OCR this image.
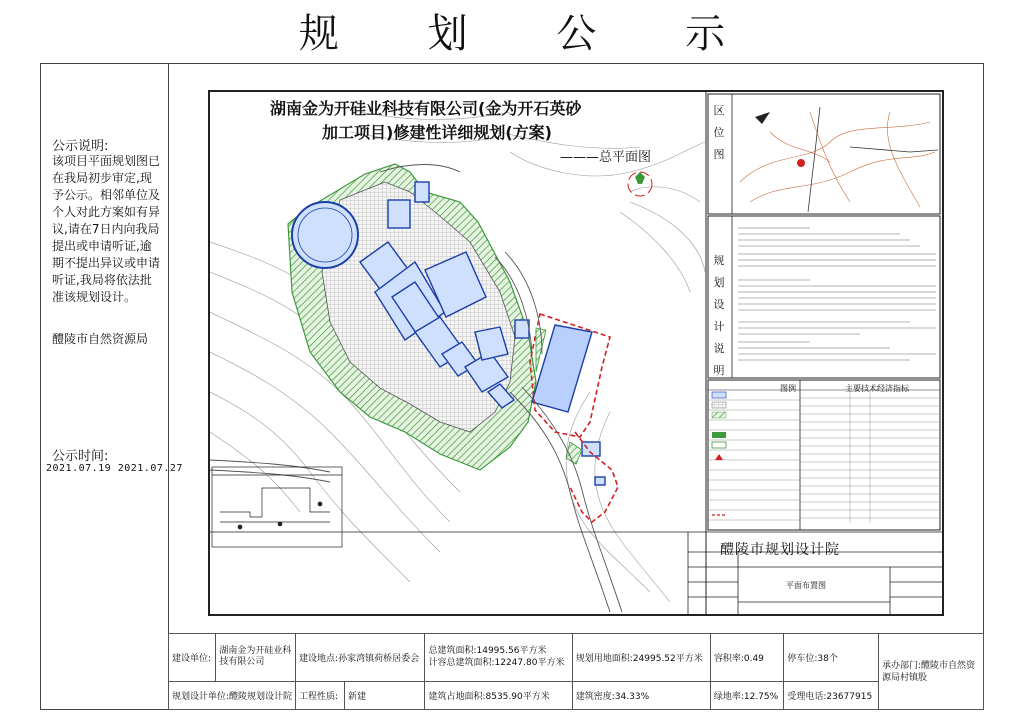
规 划 公 示
公示说明:
该项目平面规划图已在我局初步审定,现予公示。相邻单位及个人对此方案如有异议,请在7日内向我局提出或申请听证,逾期不提出异议或申请听证,我局将依法批准该规划设计。
醴陵市自然资源局
公示时间:
2021.07.19 2021.07.27
湖南金为开硅业科技有限公司(金为开石英砂
加工项目)修建性详细规划(方案)
———总平面图
区 位 图
规 划 设 计 说 明
图例	主要技术经济指标
醴陵市规划设计院
平面布置图
建设单位:	湖南金为开硅业科技有限公司	建设地点:孙家湾镇荷桥居委会		总建筑面积:14995.56平方米
计容总建筑面积:12247.80平方米	规划用地面积:24995.52平方米	容积率:0.49	停车位:38个	承办部门:醴陵市自然资源局村镇股
规划设计单位:醴陵规划设计院		工程性质:	新建	建筑占地面积:8535.90平方米	建筑密度:34.33%	绿地率:12.75%	受理电话:23677915	
